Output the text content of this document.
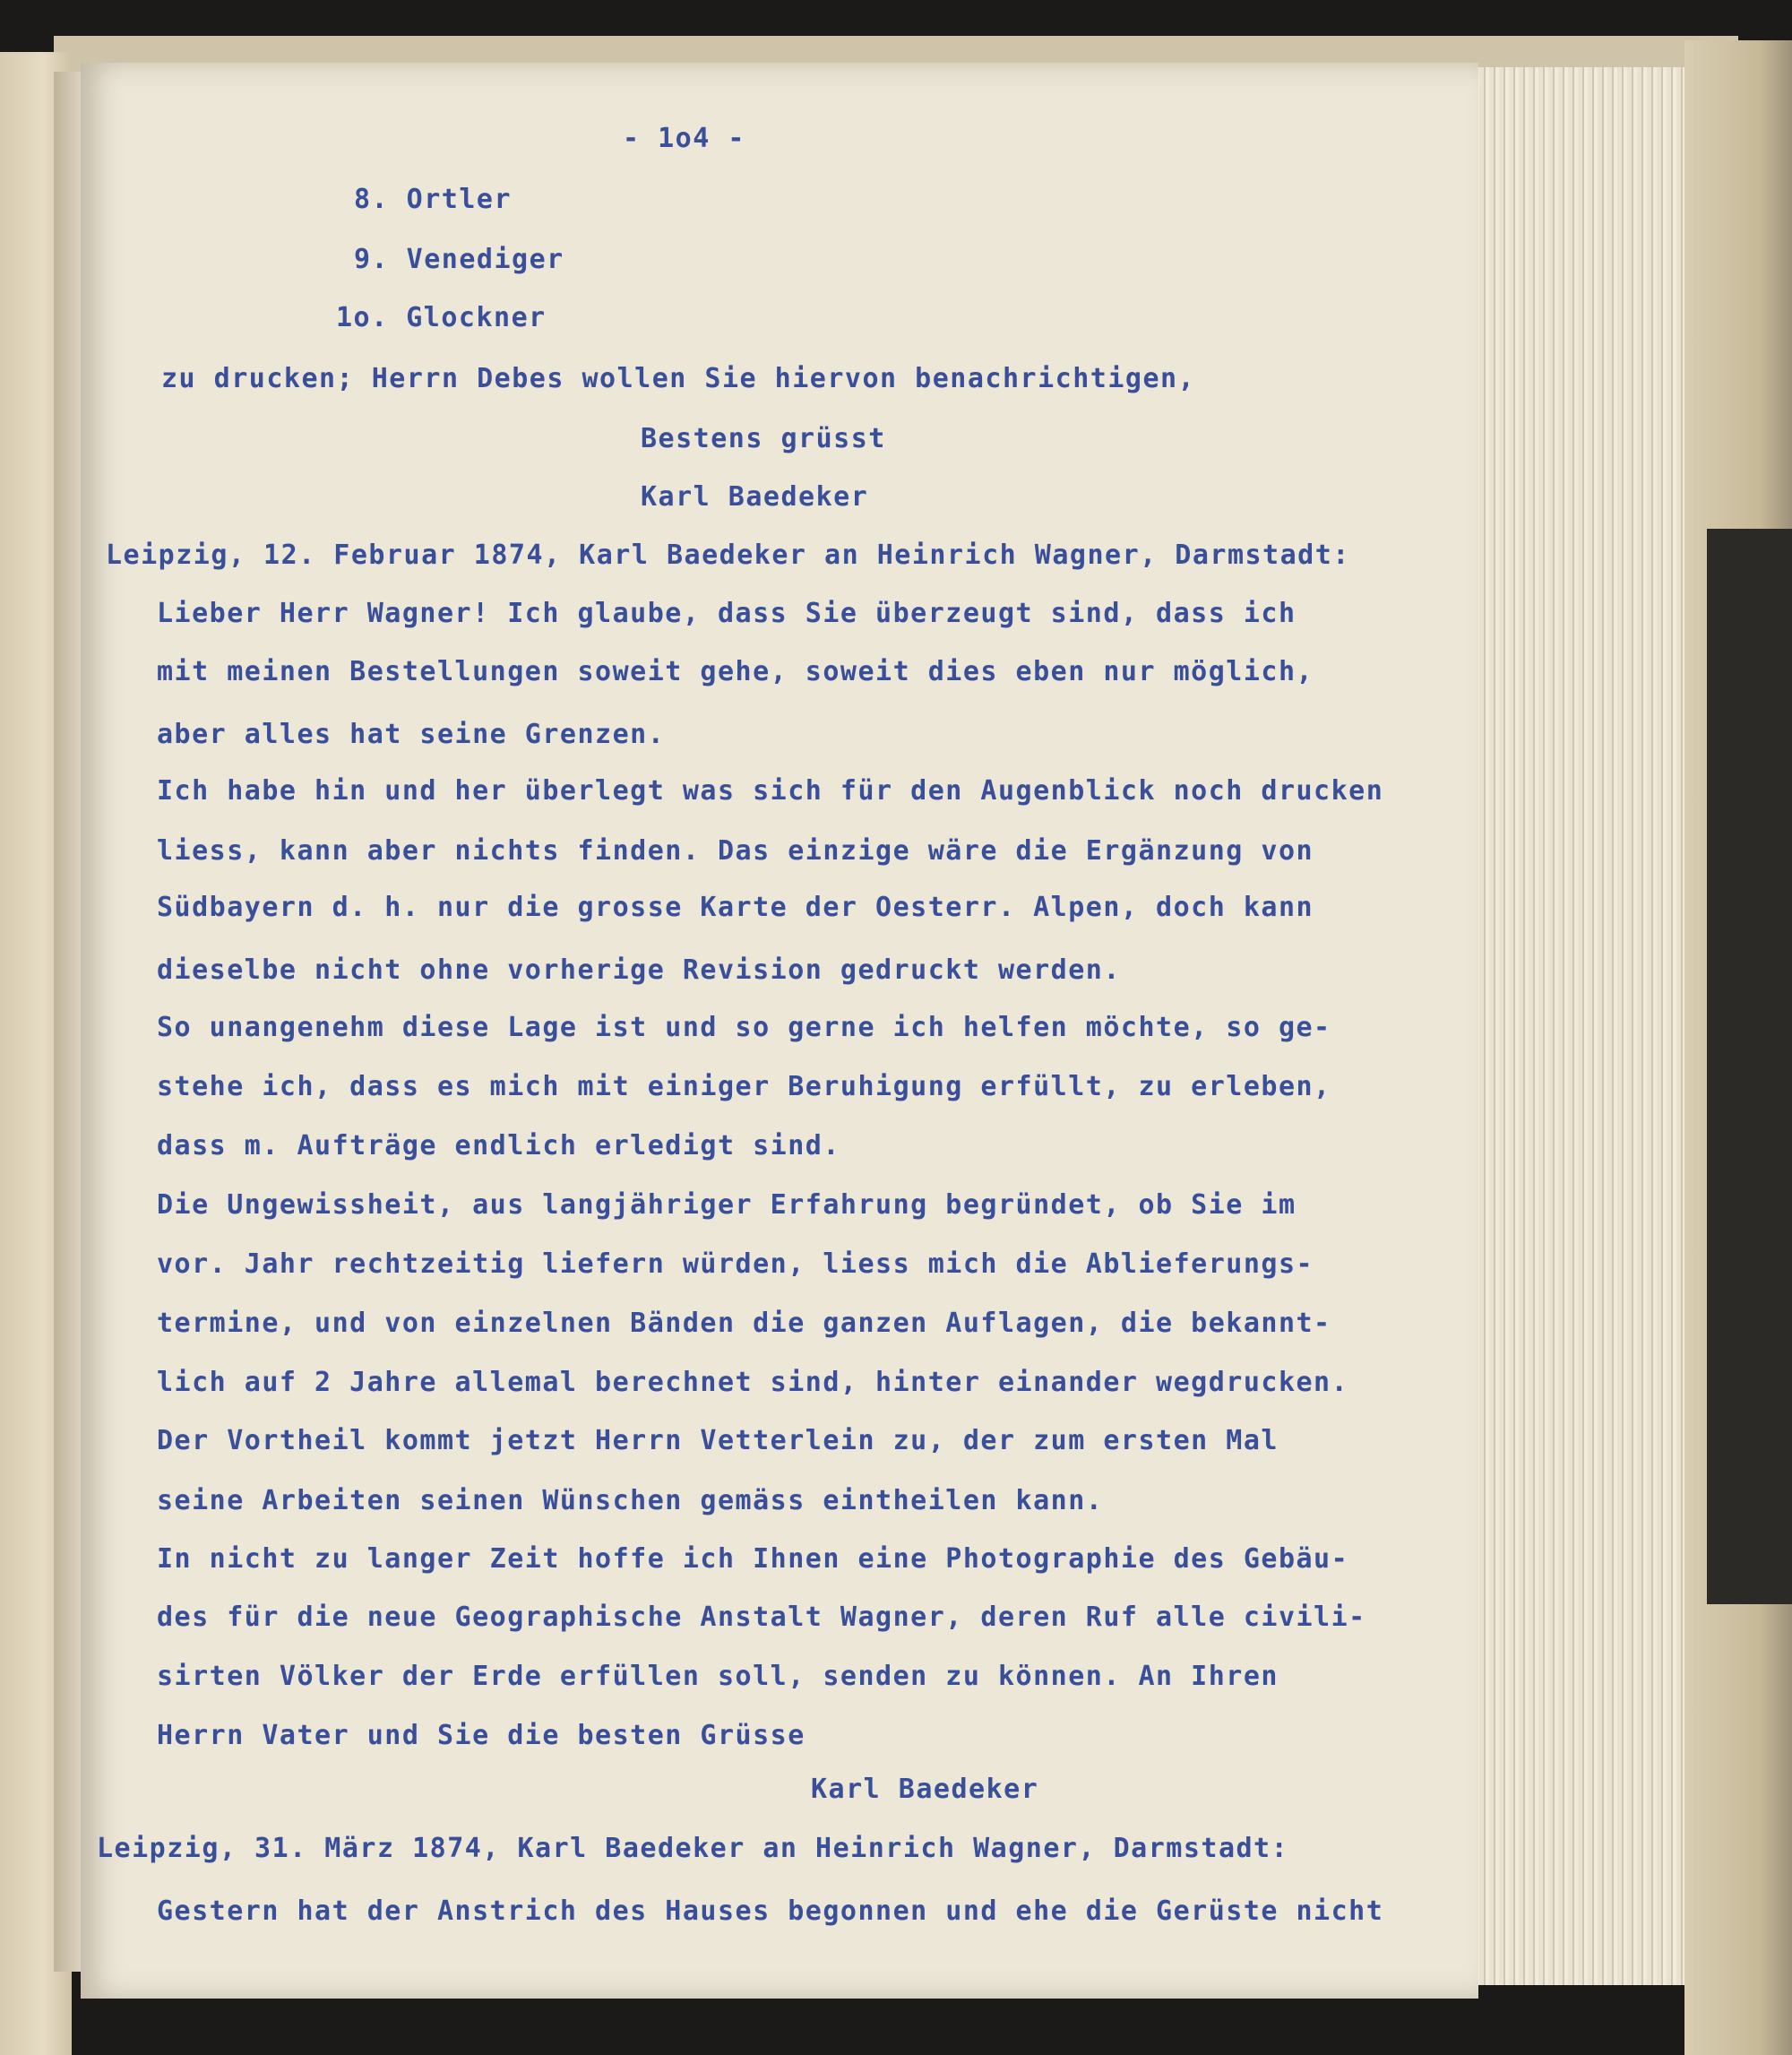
- 1o4 -
8. Ortler
9. Venediger
1o. Glockner
zu drucken; Herrn Debes wollen Sie hiervon benachrichtigen,
Bestens grüsst
Karl Baedeker
Leipzig, 12. Februar 1874, Karl Baedeker an Heinrich Wagner, Darmstadt:
Lieber Herr Wagner! Ich glaube, dass Sie überzeugt sind, dass ich
mit meinen Bestellungen soweit gehe, soweit dies eben nur möglich,
aber alles hat seine Grenzen.
Ich habe hin und her überlegt was sich für den Augenblick noch drucken
liess, kann aber nichts finden. Das einzige wäre die Ergänzung von
Südbayern d. h. nur die grosse Karte der Oesterr. Alpen, doch kann
dieselbe nicht ohne vorherige Revision gedruckt werden.
So unangenehm diese Lage ist und so gerne ich helfen möchte, so ge-
stehe ich, dass es mich mit einiger Beruhigung erfüllt, zu erleben,
dass m. Aufträge endlich erledigt sind.
Die Ungewissheit, aus langjähriger Erfahrung begründet, ob Sie im
vor. Jahr rechtzeitig liefern würden, liess mich die Ablieferungs-
termine, und von einzelnen Bänden die ganzen Auflagen, die bekannt-
lich auf 2 Jahre allemal berechnet sind, hinter einander wegdrucken.
Der Vortheil kommt jetzt Herrn Vetterlein zu, der zum ersten Mal
seine Arbeiten seinen Wünschen gemäss eintheilen kann.
In nicht zu langer Zeit hoffe ich Ihnen eine Photographie des Gebäu-
des für die neue Geographische Anstalt Wagner, deren Ruf alle civili-
sirten Völker der Erde erfüllen soll, senden zu können. An Ihren
Herrn Vater und Sie die besten Grüsse
Karl Baedeker
Leipzig, 31. März 1874, Karl Baedeker an Heinrich Wagner, Darmstadt:
Gestern hat der Anstrich des Hauses begonnen und ehe die Gerüste nicht
